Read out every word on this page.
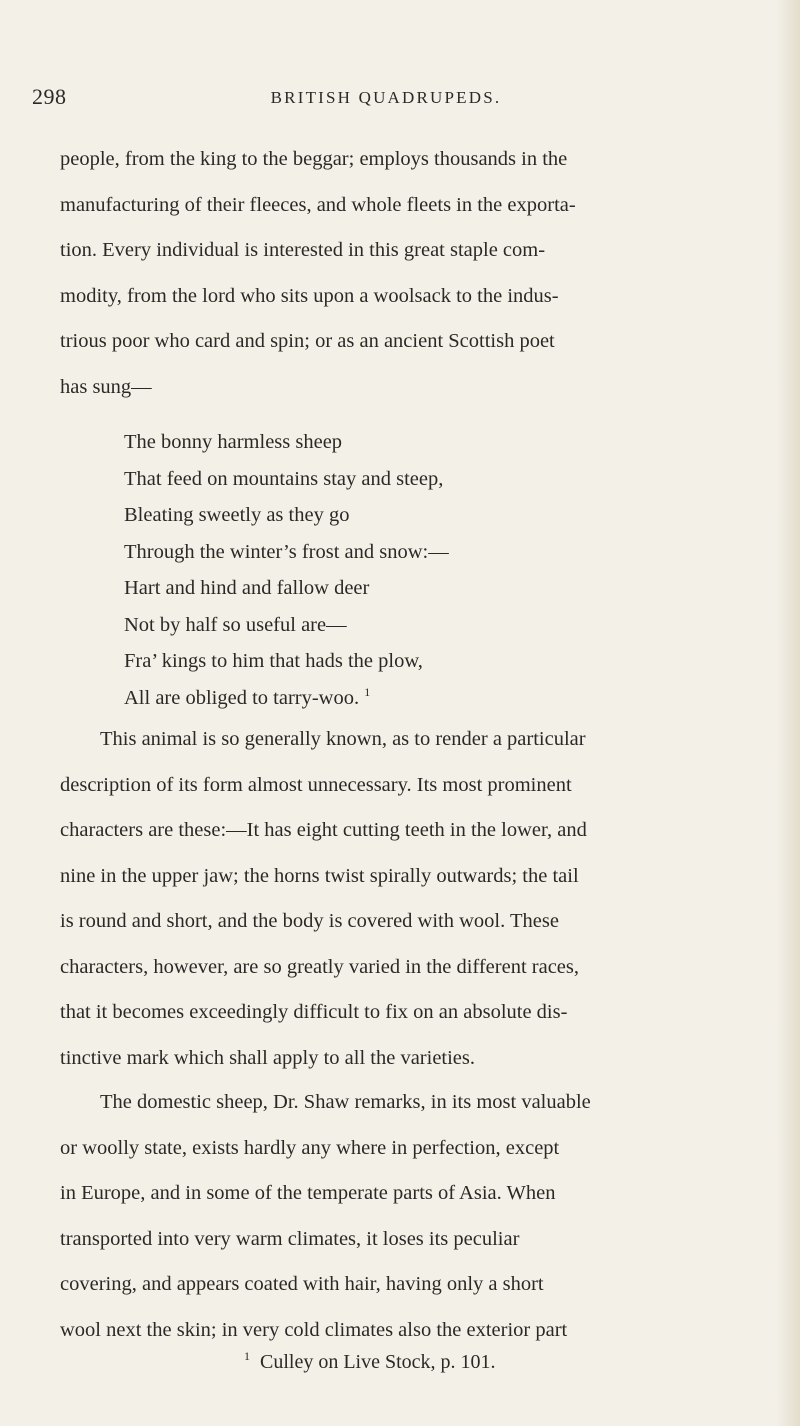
298	BRITISH QUADRUPEDS.

people, from the king to the beggar; employs thousands in the

manufacturing of their fleeces, and whole fleets in the exporta-

tion. Every individual is interested in this great staple com-

modity, from the lord who sits upon a woolsack to the indus-

trious poor who card and spin; or as an ancient Scottish poet

has sung—

The bonny harmless sheep
That feed on mountains stay and steep,
Bleating sweetly as they go
Through the winter’s frost and snow:—
Hart and hind and fallow deer
Not by half so useful are—
Fra’ kings to him that hads the plow,
All are obliged to tarry-woo. $^1$

This animal is so generally known, as to render a particular

description of its form almost unnecessary. Its most prominent

characters are these:—It has eight cutting teeth in the lower, and

nine in the upper jaw; the horns twist spirally outwards; the tail

is round and short, and the body is covered with wool. These

characters, however, are so greatly varied in the different races,

that it becomes exceedingly difficult to fix on an absolute dis-

tinctive mark which shall apply to all the varieties.

The domestic sheep, Dr. Shaw remarks, in its most valuable

or woolly state, exists hardly any where in perfection, except

in Europe, and in some of the temperate parts of Asia. When

transported into very warm climates, it loses its peculiar

covering, and appears coated with hair, having only a short

wool next the skin; in very cold climates also the exterior part

$^1$ Culley on Live Stock, p. 101.
